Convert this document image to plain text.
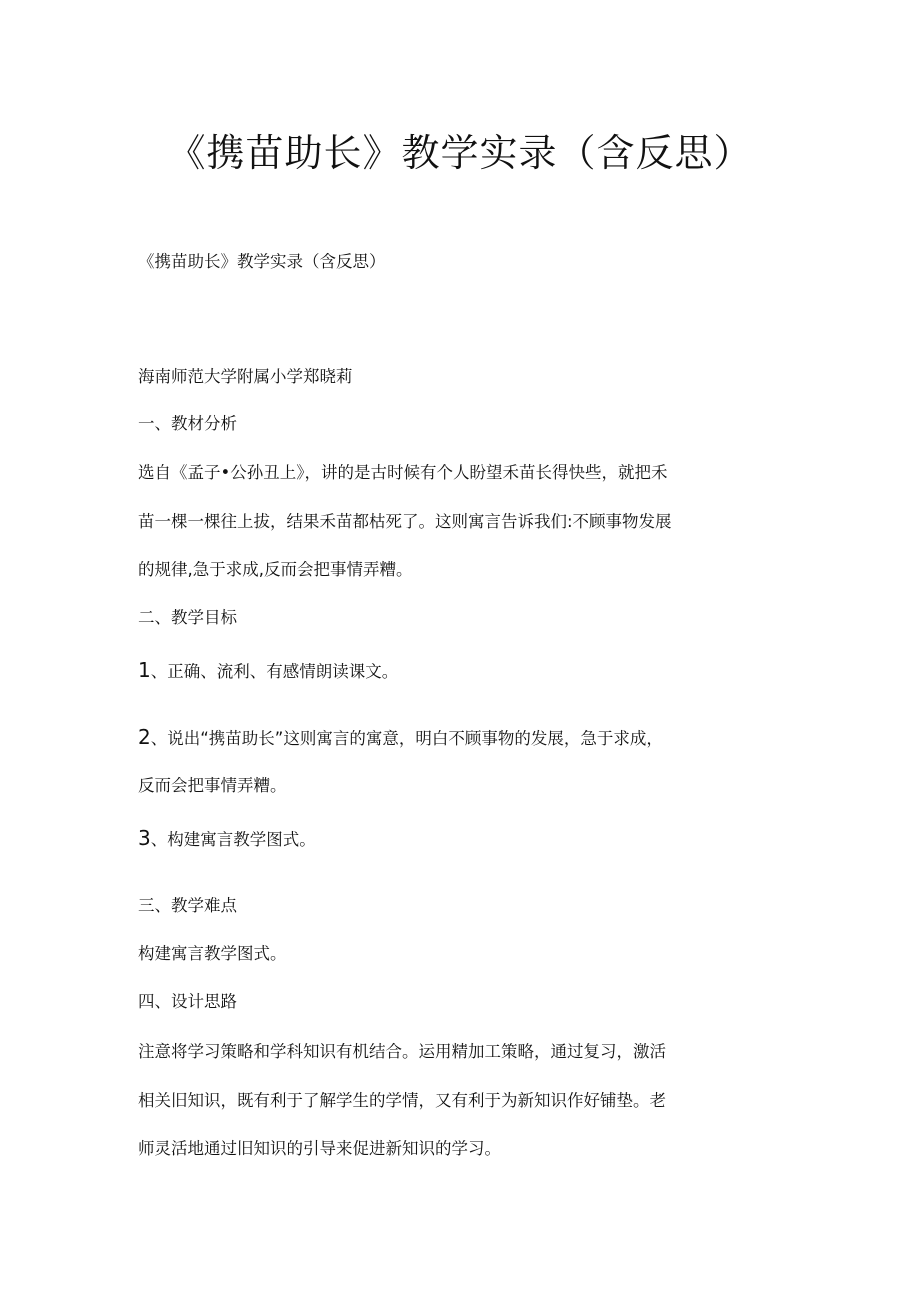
《携苗助长》教学实录（含反思）
《携苗助长》教学实录（含反思）
海南师范大学附属小学郑晓莉
一、教材分析
选自《孟子•公孙丑上》，讲的是古时候有个人盼望禾苗长得快些，就把禾
苗一棵一棵往上拔，结果禾苗都枯死了。这则寓言告诉我们:不顾事物发展
的规律,急于求成,反而会把事情弄糟。
二、教学目标
1、正确、流利、有感情朗读课文。
2、说出“携苗助长”这则寓言的寓意，明白不顾事物的发展，急于求成，
反而会把事情弄糟。
3、构建寓言教学图式。
三、教学难点
构建寓言教学图式。
四、设计思路
注意将学习策略和学科知识有机结合。运用精加工策略，通过复习，激活
相关旧知识，既有利于了解学生的学情，又有利于为新知识作好铺垫。老
师灵活地通过旧知识的引导来促进新知识的学习。
